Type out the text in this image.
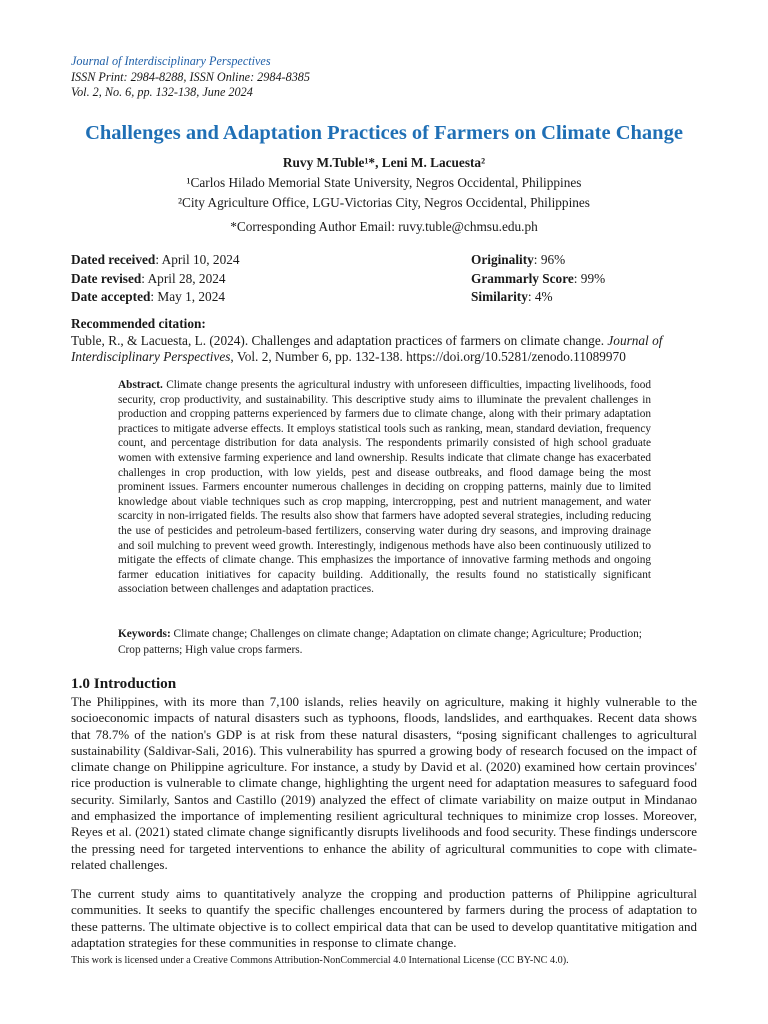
Journal of Interdisciplinary Perspectives
ISSN Print: 2984-8288, ISSN Online: 2984-8385
Vol. 2, No. 6, pp. 132-138, June 2024
Challenges and Adaptation Practices of Farmers on Climate Change
Ruvy M.Tuble¹*, Leni M. Lacuesta²
¹Carlos Hilado Memorial State University, Negros Occidental, Philippines
²City Agriculture Office, LGU-Victorias City, Negros Occidental, Philippines
*Corresponding Author Email: ruvy.tuble@chmsu.edu.ph
Dated received: April 10, 2024
Date revised: April 28, 2024
Date accepted: May 1, 2024
Originality: 96%
Grammarly Score: 99%
Similarity: 4%
Recommended citation:
Tuble, R., & Lacuesta, L. (2024). Challenges and adaptation practices of farmers on climate change. Journal of Interdisciplinary Perspectives, Vol. 2, Number 6, pp. 132-138. https://doi.org/10.5281/zenodo.11089970
Abstract. Climate change presents the agricultural industry with unforeseen difficulties, impacting livelihoods, food security, crop productivity, and sustainability. This descriptive study aims to illuminate the prevalent challenges in production and cropping patterns experienced by farmers due to climate change, along with their primary adaptation practices to mitigate adverse effects. It employs statistical tools such as ranking, mean, standard deviation, frequency count, and percentage distribution for data analysis. The respondents primarily consisted of high school graduate women with extensive farming experience and land ownership. Results indicate that climate change has exacerbated challenges in crop production, with low yields, pest and disease outbreaks, and flood damage being the most prominent issues. Farmers encounter numerous challenges in deciding on cropping patterns, mainly due to limited knowledge about viable techniques such as crop mapping, intercropping, pest and nutrient management, and water scarcity in non-irrigated fields. The results also show that farmers have adopted several strategies, including reducing the use of pesticides and petroleum-based fertilizers, conserving water during dry seasons, and improving drainage and soil mulching to prevent weed growth. Interestingly, indigenous methods have also been continuously utilized to mitigate the effects of climate change. This emphasizes the importance of innovative farming methods and ongoing farmer education initiatives for capacity building. Additionally, the results found no statistically significant association between challenges and adaptation practices.
Keywords: Climate change; Challenges on climate change; Adaptation on climate change; Agriculture; Production; Crop patterns; High value crops farmers.
1.0 Introduction
The Philippines, with its more than 7,100 islands, relies heavily on agriculture, making it highly vulnerable to the socioeconomic impacts of natural disasters such as typhoons, floods, landslides, and earthquakes. Recent data shows that 78.7% of the nation's GDP is at risk from these natural disasters, “posing significant challenges to agricultural sustainability (Saldivar-Sali, 2016). This vulnerability has spurred a growing body of research focused on the impact of climate change on Philippine agriculture. For instance, a study by David et al. (2020) examined how certain provinces' rice production is vulnerable to climate change, highlighting the urgent need for adaptation measures to safeguard food security. Similarly, Santos and Castillo (2019) analyzed the effect of climate variability on maize output in Mindanao and emphasized the importance of implementing resilient agricultural techniques to minimize crop losses. Moreover, Reyes et al. (2021) stated climate change significantly disrupts livelihoods and food security. These findings underscore the pressing need for targeted interventions to enhance the ability of agricultural communities to cope with climate-related challenges.
The current study aims to quantitatively analyze the cropping and production patterns of Philippine agricultural communities. It seeks to quantify the specific challenges encountered by farmers during the process of adaptation to these patterns. The ultimate objective is to collect empirical data that can be used to develop quantitative mitigation and adaptation strategies for these communities in response to climate change.
This work is licensed under a Creative Commons Attribution-NonCommercial 4.0 International License (CC BY-NC 4.0).
